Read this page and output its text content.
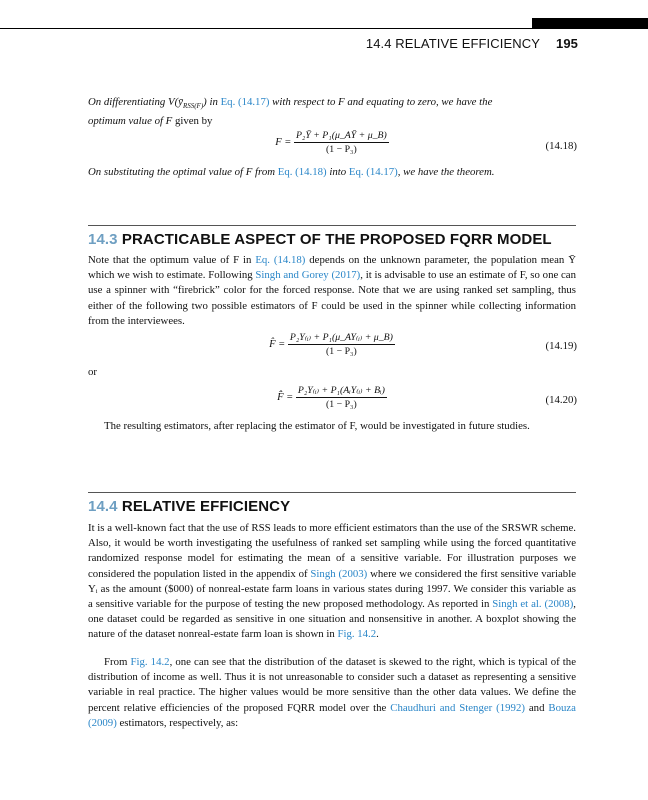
14.4 RELATIVE EFFICIENCY 195
On differentiating $V(ȳ_{RSS(F)})$ in Eq. (14.17) with respect to F and equating to zero, we have the
optimum value of F given by
$F = \frac{\text{P₂Ȳ + P₁(μ\_AȲ + μ\_B)}}{\text{(1 − P₃)}}$	(14.18)
On substituting the optimal value of F from Eq. (14.18) into Eq. (14.17), we have the theorem.
14.3 PRACTICABLE ASPECT OF THE PROPOSED FQRR MODEL
Note that the optimum value of F in Eq. (14.18) depends on the unknown parameter, the population mean Ȳ which we wish to estimate. Following Singh and Gorey (2017), it is advisable to use an estimate of F, so one can use a spinner with “firebrick” color for the forced response. Note that we are using ranked set sampling, thus either of the following two possible estimators of F could be used in the spinner while collecting information from the interviewees.
F̂ = $\frac{\text{P₂Y₍ᵢ₎ + P₁(μ\_AY₍ᵢ₎ + μ\_B)}}{\text{(1 − P₃)}}$	(14.19)
or
F̂̂ = $\frac{\text{P₂Y₍ᵢ₎ + P₁(AᵢY₍ᵢ₎ + Bᵢ)}}{\text{(1 − P₃)}}$	(14.20)
The resulting estimators, after replacing the estimator of F, would be investigated in future studies.
14.4 RELATIVE EFFICIENCY
It is a well-known fact that the use of RSS leads to more efficient estimators than the use of the SRSWR scheme. Also, it would be worth investigating the usefulness of ranked set sampling while using the forced quantitative randomized response model for estimating the mean of a sensitive variable. For illustration purposes we considered the population listed in the appendix of Singh (2003) where we considered the first sensitive variable Yᵢ as the amount ($000) of nonreal-estate farm loans in various states during 1997. We consider this variable as a sensitive variable for the purpose of testing the new proposed methodology. As reported in Singh et al. (2008), one dataset could be regarded as sensitive in one situation and nonsensitive in another. A boxplot showing the nature of the dataset nonreal-estate farm loan is shown in Fig. 14.2.
From Fig. 14.2, one can see that the distribution of the dataset is skewed to the right, which is typical of the distribution of income as well. Thus it is not unreasonable to consider such a dataset as representing a sensitive variable in real practice. The higher values would be more sensitive than the other data values. We define the percent relative efficiencies of the proposed FQRR model over the Chaudhuri and Stenger (1992) and Bouza (2009) estimators, respectively, as:
